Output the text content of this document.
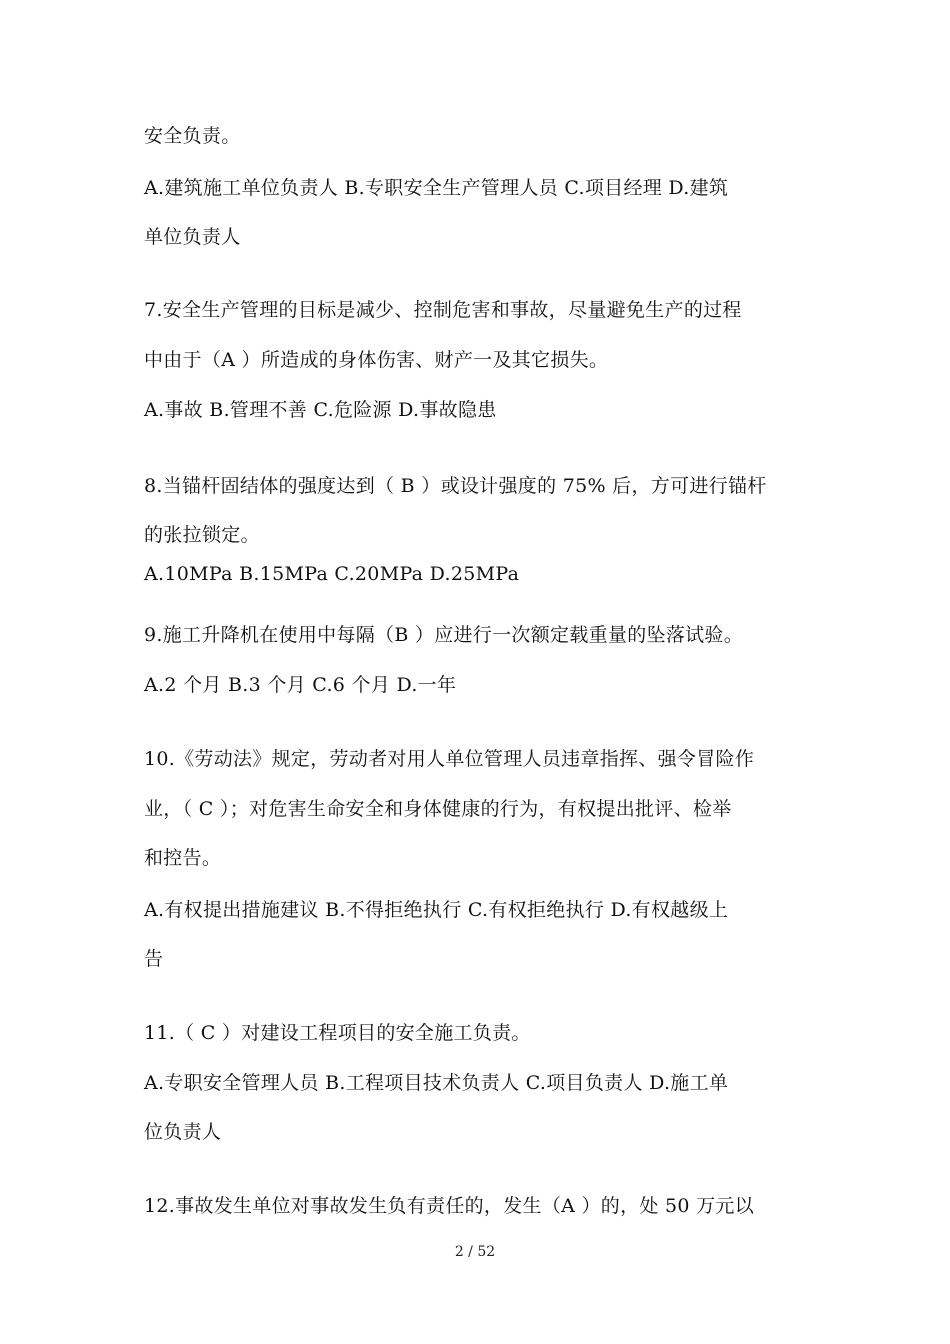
安全负责。
A.建筑施工单位负责人 B.专职安全生产管理人员 C.项目经理 D.建筑
单位负责人
7.安全生产管理的目标是减少、控制危害和事故，尽量避免生产的过程
中由于（A ）所造成的身体伤害、财产一及其它损失。
A.事故 B.管理不善 C.危险源 D.事故隐患
8.当锚杆固结体的强度达到（ B ）或设计强度的 75% 后，方可进行锚杆
的张拉锁定。
A.10MPa B.15MPa C.20MPa D.25MPa
9.施工升降机在使用中每隔（B ）应进行一次额定载重量的坠落试验。
A.2 个月 B.3 个月 C.6 个月 D.一年
10.《劳动法》规定，劳动者对用人单位管理人员违章指挥、强令冒险作
业，（ C ）；对危害生命安全和身体健康的行为，有权提出批评、检举
和控告。
A.有权提出措施建议 B.不得拒绝执行 C.有权拒绝执行 D.有权越级上
告
11.（ C ）对建设工程项目的安全施工负责。
A.专职安全管理人员 B.工程项目技术负责人 C.项目负责人 D.施工单
位负责人
12.事故发生单位对事故发生负有责任的，发生（A ）的，处 50 万元以
2 / 52
